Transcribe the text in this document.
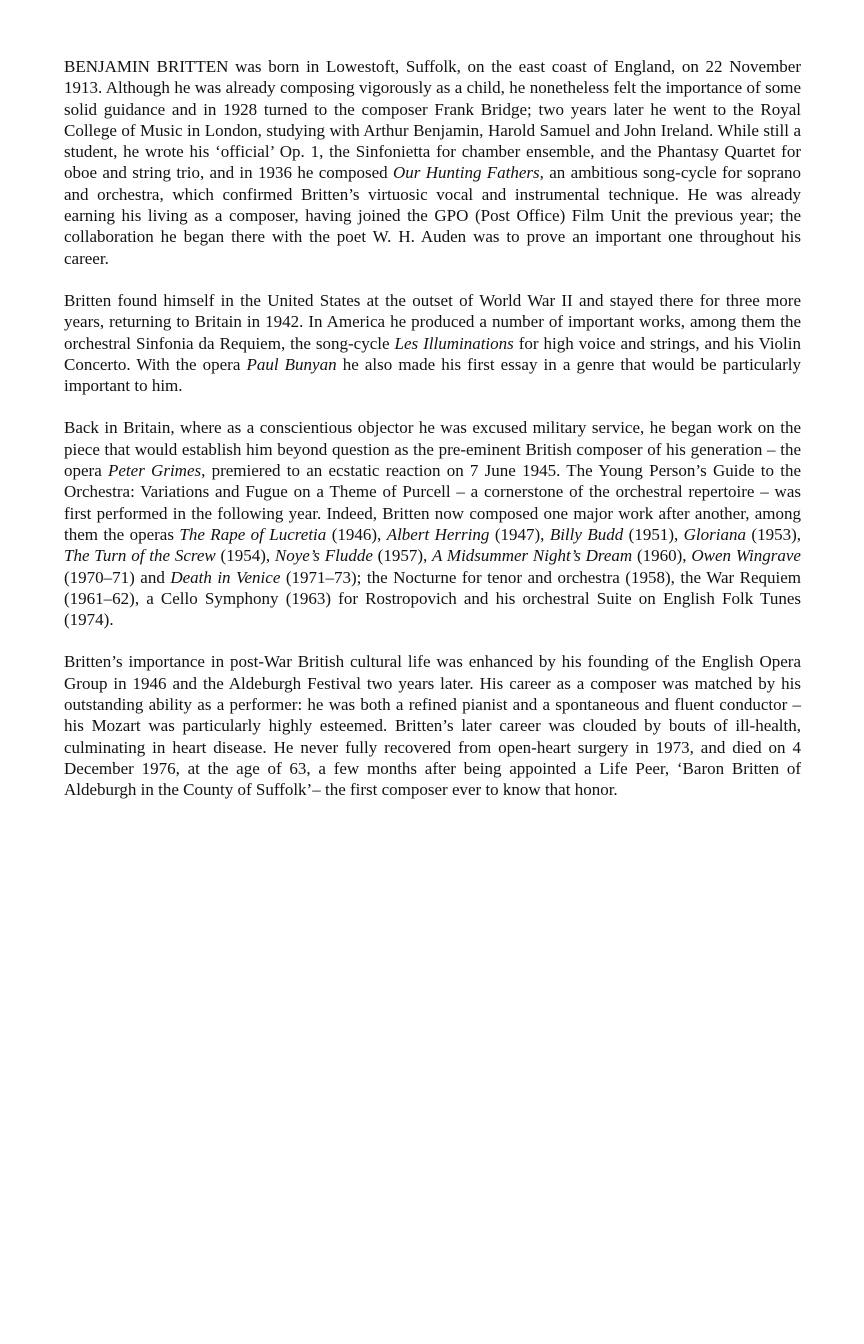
BENJAMIN BRITTEN was born in Lowestoft, Suffolk, on the east coast of England, on 22 November 1913. Although he was already composing vigorously as a child, he nonetheless felt the importance of some solid guidance and in 1928 turned to the composer Frank Bridge; two years later he went to the Royal College of Music in London, studying with Arthur Benjamin, Harold Samuel and John Ireland. While still a student, he wrote his ‘official’ Op. 1, the Sinfonietta for chamber ensemble, and the Phantasy Quartet for oboe and string trio, and in 1936 he composed Our Hunting Fathers, an ambitious song-cycle for soprano and orchestra, which confirmed Britten’s virtuosic vocal and instrumental technique. He was already earning his living as a composer, having joined the GPO (Post Office) Film Unit the previous year; the collaboration he began there with the poet W. H. Auden was to prove an important one throughout his career.

Britten found himself in the United States at the outset of World War II and stayed there for three more years, returning to Britain in 1942. In America he produced a number of important works, among them the orchestral Sinfonia da Requiem, the song-cycle Les Illuminations for high voice and strings, and his Violin Concerto. With the opera Paul Bunyan he also made his first essay in a genre that would be particularly important to him.

Back in Britain, where as a conscientious objector he was excused military service, he began work on the piece that would establish him beyond question as the pre-eminent British composer of his generation – the opera Peter Grimes, premiered to an ecstatic reaction on 7 June 1945. The Young Person’s Guide to the Orchestra: Variations and Fugue on a Theme of Purcell – a cornerstone of the orchestral repertoire – was first performed in the following year. Indeed, Britten now composed one major work after another, among them the operas The Rape of Lucretia (1946), Albert Herring (1947), Billy Budd (1951), Gloriana (1953), The Turn of the Screw (1954), Noye’s Fludde (1957), A Midsummer Night’s Dream (1960), Owen Wingrave (1970–71) and Death in Venice (1971–73); the Nocturne for tenor and orchestra (1958), the War Requiem (1961–62), a Cello Symphony (1963) for Rostropovich and his orchestral Suite on English Folk Tunes (1974).

Britten’s importance in post-War British cultural life was enhanced by his founding of the English Opera Group in 1946 and the Aldeburgh Festival two years later. His career as a composer was matched by his outstanding ability as a performer: he was both a refined pianist and a spontaneous and fluent conductor – his Mozart was particularly highly esteemed. Britten’s later career was clouded by bouts of ill-health, culminating in heart disease. He never fully recovered from open-heart surgery in 1973, and died on 4 December 1976, at the age of 63, a few months after being appointed a Life Peer, ‘Baron Britten of Aldeburgh in the County of Suffolk’– the first composer ever to know that honor.
